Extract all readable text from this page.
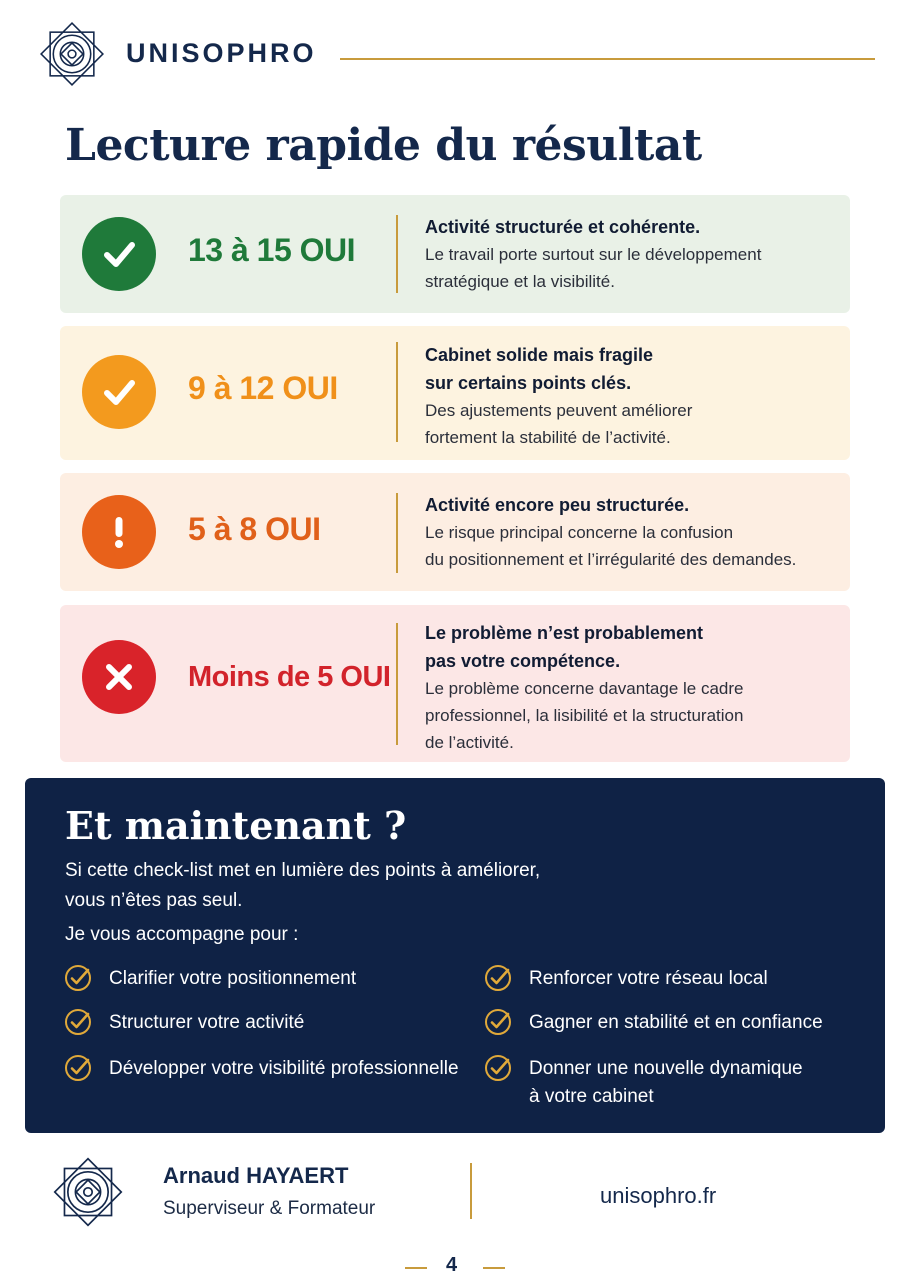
UNISOPHRO
Lecture rapide du résultat
13 à 15 OUI
Activité structurée et cohérente.
Le travail porte surtout sur le développement
stratégique et la visibilité.
9 à 12 OUI
Cabinet solide mais fragile
sur certains points clés.
Des ajustements peuvent améliorer
fortement la stabilité de l’activité.
5 à 8 OUI
Activité encore peu structurée.
Le risque principal concerne la confusion
du positionnement et l’irrégularité des demandes.
Moins de 5 OUI
Le problème n’est probablement
pas votre compétence.
Le problème concerne davantage le cadre
professionnel, la lisibilité et la structuration
de l’activité.
Et maintenant ?
Si cette check-list met en lumière des points à améliorer,
vous n’êtes pas seul.
Je vous accompagne pour :
Clarifier votre positionnement
Structurer votre activité
Développer votre visibilité professionnelle
Renforcer votre réseau local
Gagner en stabilité et en confiance
Donner une nouvelle dynamique
à votre cabinet
Arnaud HAYAERT
Superviseur & Formateur
unisophro.fr
4
